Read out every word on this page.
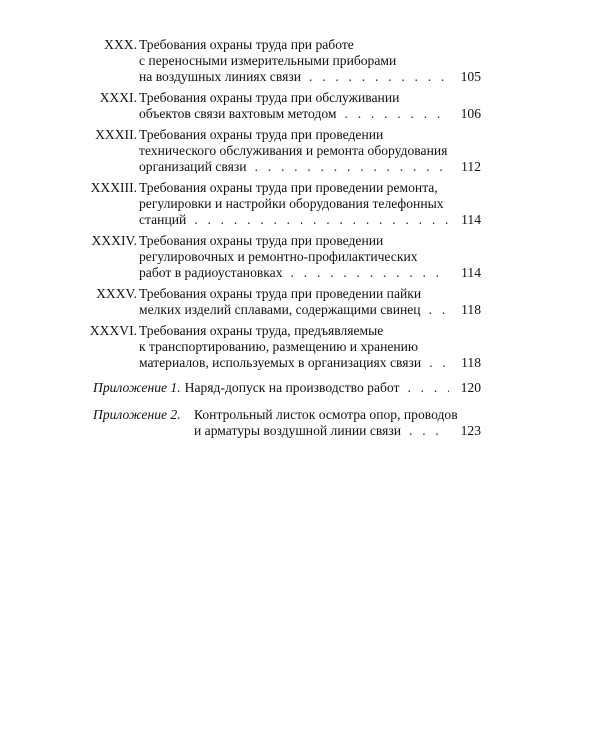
XXX. Требования охраны труда при работе
с переносными измерительными приборами
на воздушных линиях связи . . .	105
XXXI. Требования охраны труда при обслуживании
объектов связи вахтовым методом . . .	106
XXXII. Требования охраны труда при проведении
технического обслуживания и ремонта оборудования
организаций связи . . .	112
XXXIII. Требования охраны труда при проведении ремонта,
регулировки и настройки оборудования телефонных
станций . . .	114
XXXIV. Требования охраны труда при проведении
регулировочных и ремонтно-профилактических
работ в радиоустановках . . .	114
XXXV. Требования охраны труда при проведении пайки
мелких изделий сплавами, содержащими свинец . . .	118
XXXVI. Требования охраны труда, предъявляемые
к транспортированию, размещению и хранению
материалов, используемых в организациях связи . . .	118
Приложение 1. Наряд-допуск на производство работ . . .	120
Приложение 2. Контрольный листок осмотра опор, проводов
и арматуры воздушной линии связи . . .	123
